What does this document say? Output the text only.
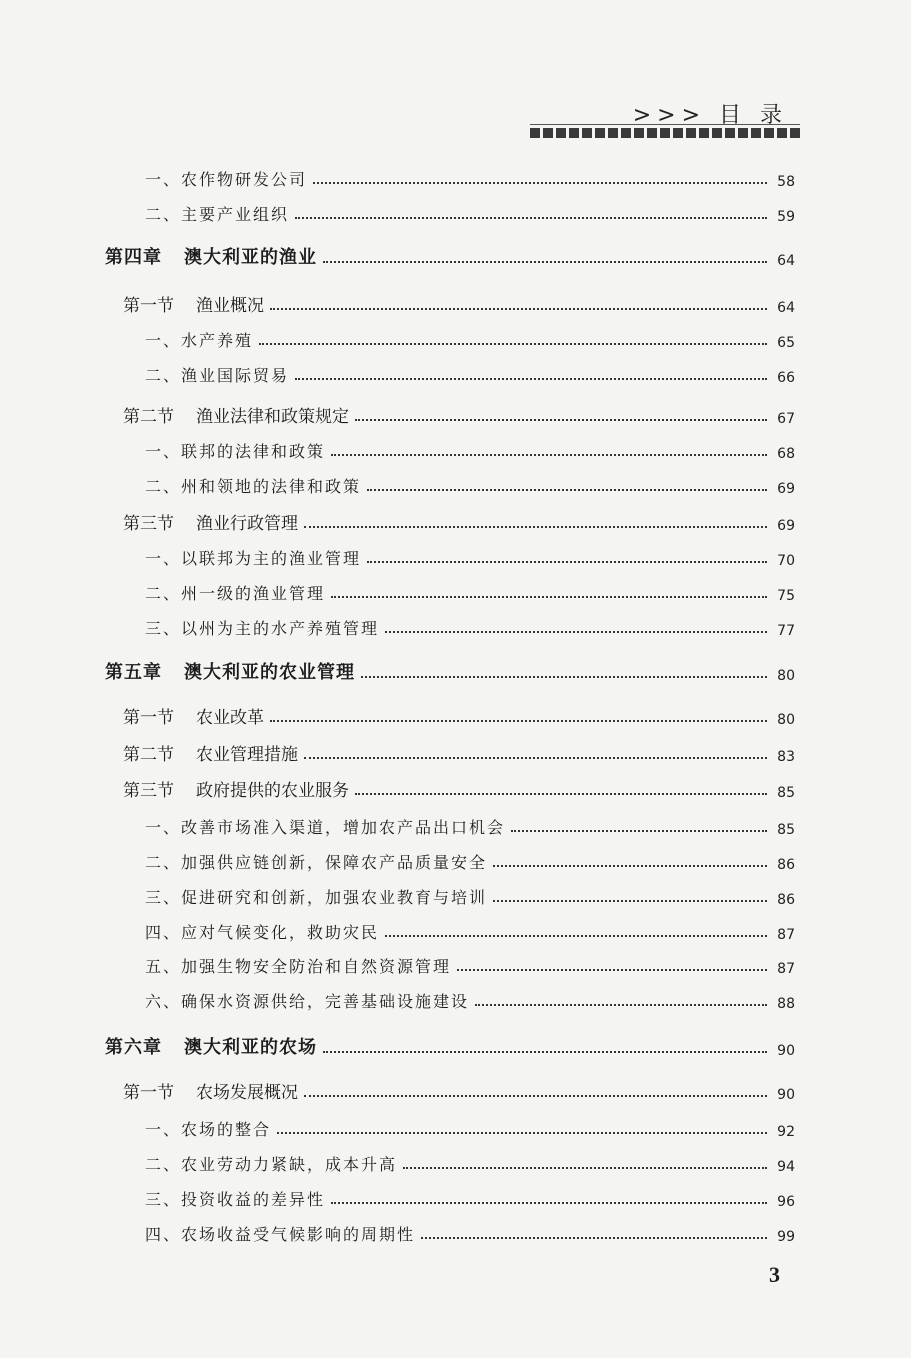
>>> 目 录
一、农作物研发公司	58
二、主要产业组织	59
第四章 澳大利亚的渔业	64
第一节 渔业概况	64
一、水产养殖	65
二、渔业国际贸易	66
第二节 渔业法律和政策规定	67
一、联邦的法律和政策	68
二、州和领地的法律和政策	69
第三节 渔业行政管理	69
一、以联邦为主的渔业管理	70
二、州一级的渔业管理	75
三、以州为主的水产养殖管理	77
第五章 澳大利亚的农业管理	80
第一节 农业改革	80
第二节 农业管理措施	83
第三节 政府提供的农业服务	85
一、改善市场准入渠道，增加农产品出口机会	85
二、加强供应链创新，保障农产品质量安全	86
三、促进研究和创新，加强农业教育与培训	86
四、应对气候变化，救助灾民	87
五、加强生物安全防治和自然资源管理	87
六、确保水资源供给，完善基础设施建设	88
第六章 澳大利亚的农场	90
第一节 农场发展概况	90
一、农场的整合	92
二、农业劳动力紧缺，成本升高	94
三、投资收益的差异性	96
四、农场收益受气候影响的周期性	99
3
